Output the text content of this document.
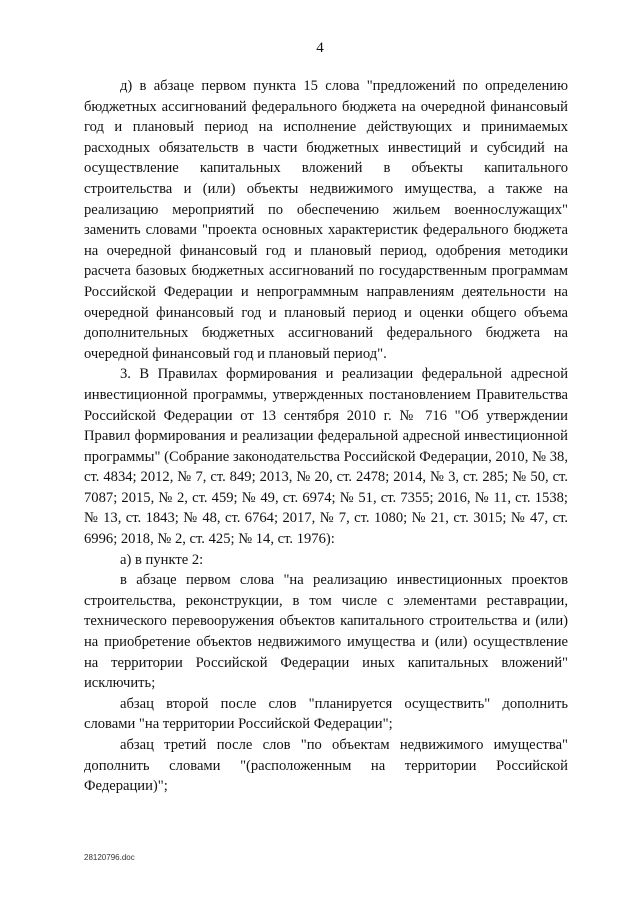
4

д) в абзаце первом пункта 15 слова "предложений по определению бюджетных ассигнований федерального бюджета на очередной финансовый год и плановый период на исполнение действующих и принимаемых расходных обязательств в части бюджетных инвестиций и субсидий на осуществление капитальных вложений в объекты капитального строительства и (или) объекты недвижимого имущества, а также на реализацию мероприятий по обеспечению жильем военнослужащих" заменить словами "проекта основных характеристик федерального бюджета на очередной финансовый год и плановый период, одобрения методики расчета базовых бюджетных ассигнований по государственным программам Российской Федерации и непрограммным направлениям деятельности на очередной финансовый год и плановый период и оценки общего объема дополнительных бюджетных ассигнований федерального бюджета на очередной финансовый год и плановый период".

3. В Правилах формирования и реализации федеральной адресной инвестиционной программы, утвержденных постановлением Правительства Российской Федерации от 13 сентября 2010 г. № 716 "Об утверждении Правил формирования и реализации федеральной адресной инвестиционной программы" (Собрание законодательства Российской Федерации, 2010, № 38, ст. 4834; 2012, № 7, ст. 849; 2013, № 20, ст. 2478; 2014, № 3, ст. 285; № 50, ст. 7087; 2015, № 2, ст. 459; № 49, ст. 6974; № 51, ст. 7355; 2016, № 11, ст. 1538; № 13, ст. 1843; № 48, ст. 6764; 2017, № 7, ст. 1080; № 21, ст. 3015; № 47, ст. 6996; 2018, № 2, ст. 425; № 14, ст. 1976):

а) в пункте 2:

в абзаце первом слова "на реализацию инвестиционных проектов строительства, реконструкции, в том числе с элементами реставрации, технического перевооружения объектов капитального строительства и (или) на приобретение объектов недвижимого имущества и (или) осуществление на территории Российской Федерации иных капитальных вложений" исключить;

абзац второй после слов "планируется осуществить" дополнить словами "на территории Российской Федерации";

абзац третий после слов "по объектам недвижимого имущества" дополнить словами "(расположенным на территории Российской Федерации)";

28120796.doc
